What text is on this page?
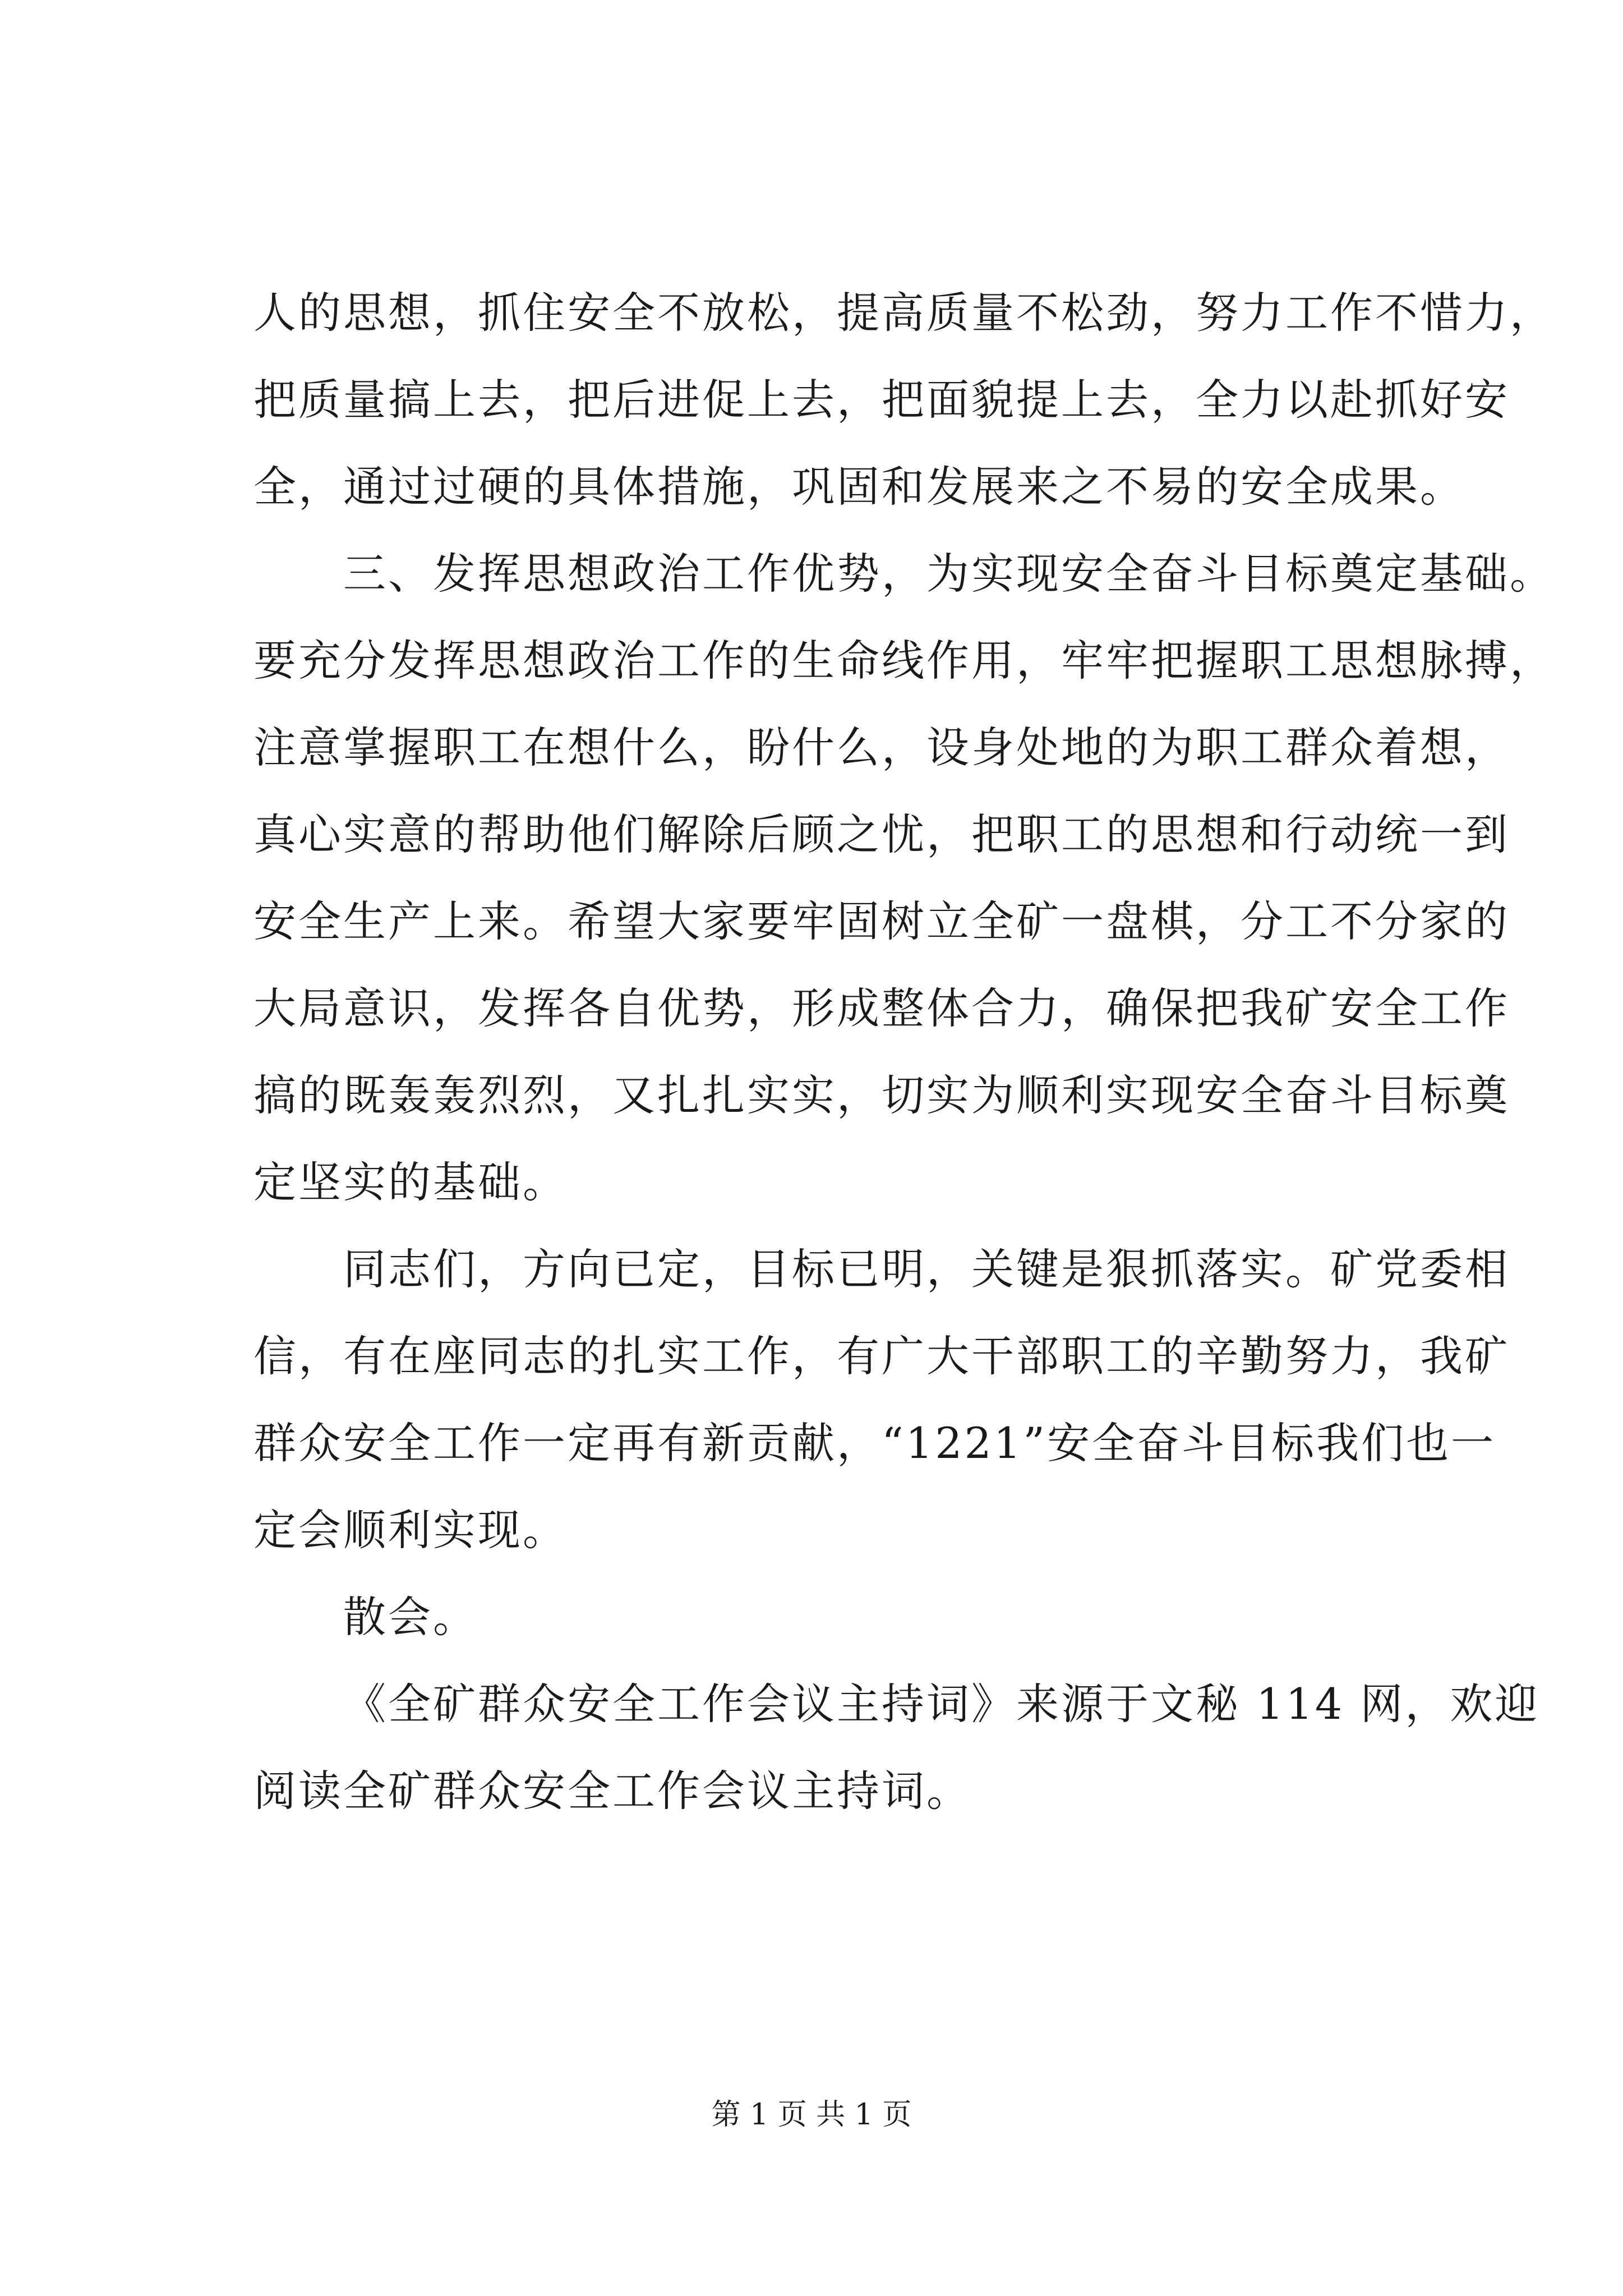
人的思想，抓住安全不放松，提高质量不松劲，努力工作不惜力，
把质量搞上去，把后进促上去，把面貌提上去，全力以赴抓好安
全，通过过硬的具体措施，巩固和发展来之不易的安全成果。
三、发挥思想政治工作优势，为实现安全奋斗目标奠定基础。
要充分发挥思想政治工作的生命线作用，牢牢把握职工思想脉搏，
注意掌握职工在想什么，盼什么，设身处地的为职工群众着想，
真心实意的帮助他们解除后顾之忧，把职工的思想和行动统一到
安全生产上来。希望大家要牢固树立全矿一盘棋，分工不分家的
大局意识，发挥各自优势，形成整体合力，确保把我矿安全工作
搞的既轰轰烈烈，又扎扎实实，切实为顺利实现安全奋斗目标奠
定坚实的基础。
同志们，方向已定，目标已明，关键是狠抓落实。矿党委相
信，有在座同志的扎实工作，有广大干部职工的辛勤努力，我矿
群众安全工作一定再有新贡献，“1221”安全奋斗目标我们也一
定会顺利实现。
散会。
《全矿群众安全工作会议主持词》来源于文秘 114 网，欢迎
阅读全矿群众安全工作会议主持词。
第 1 页 共 1 页
